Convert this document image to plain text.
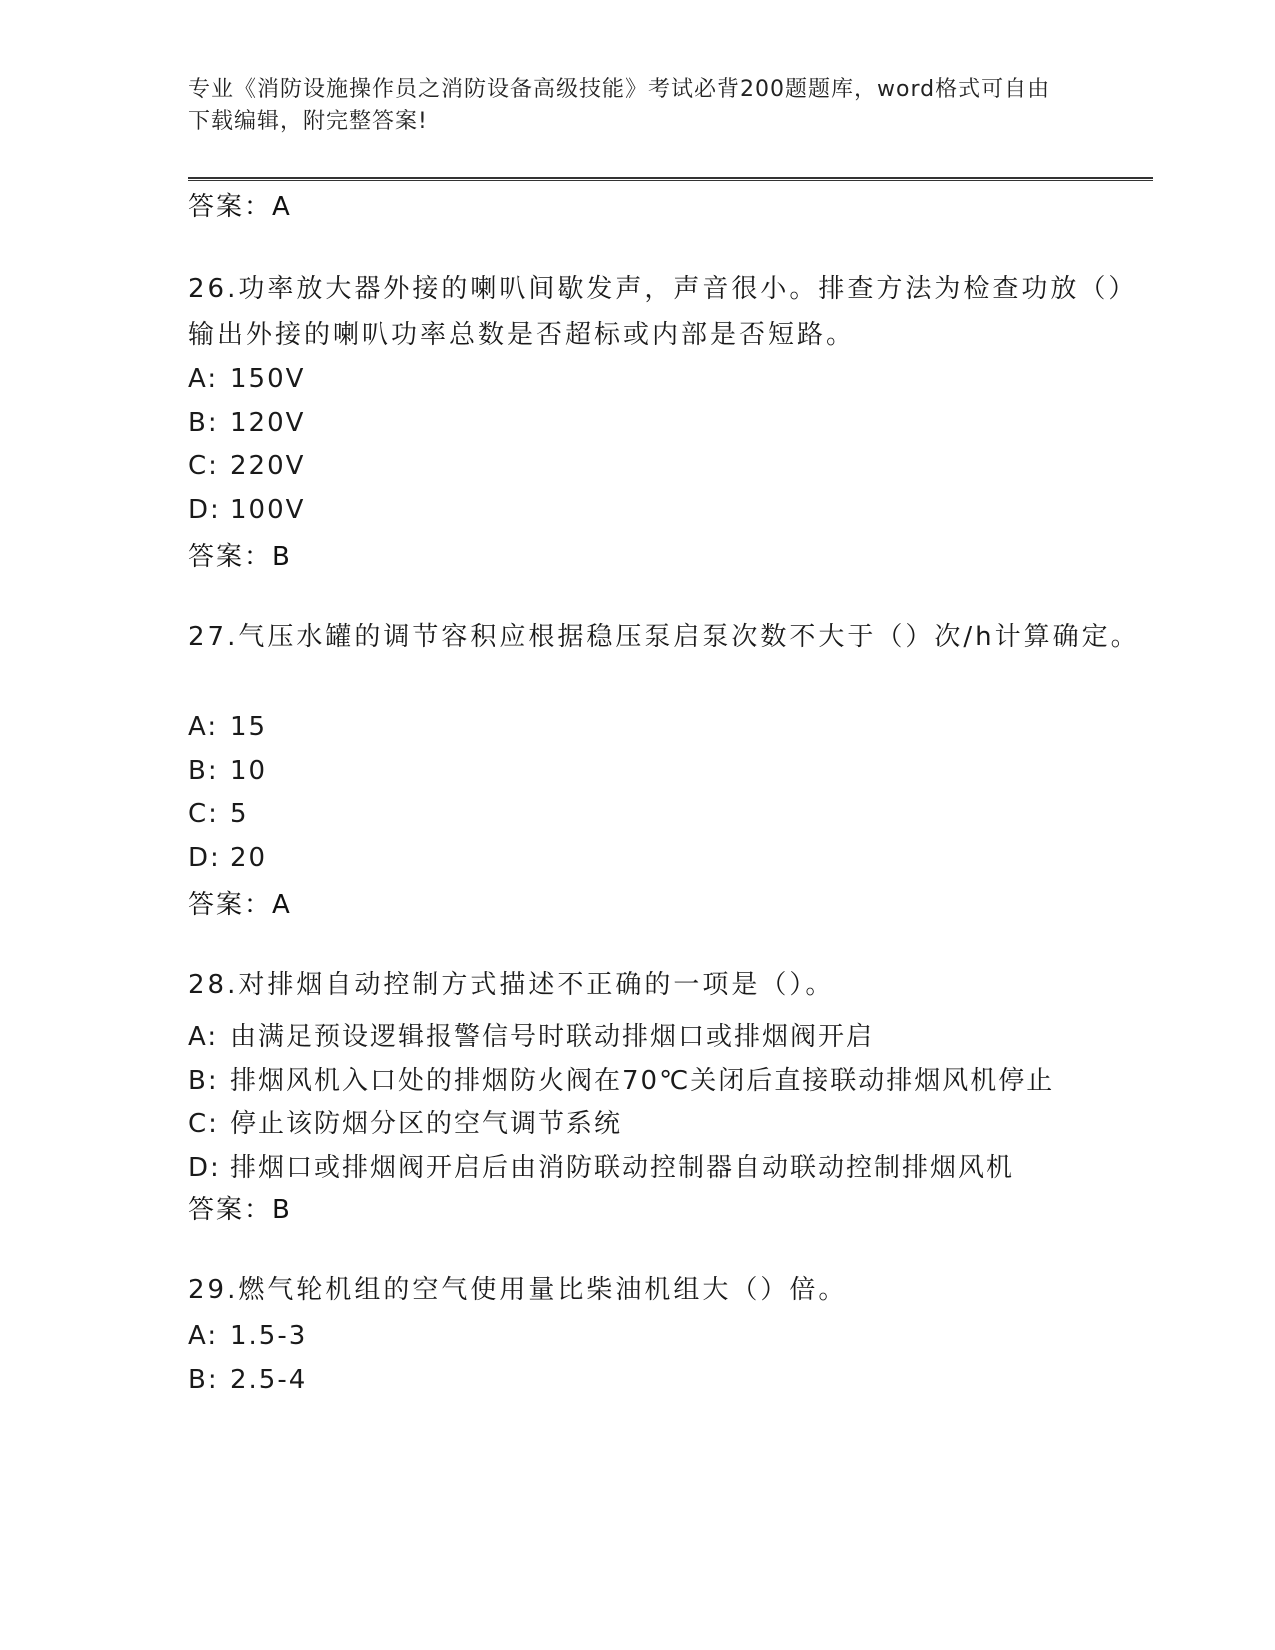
专业《消防设施操作员之消防设备高级技能》考试必背200题题库，word格式可自由下载编辑，附完整答案!
答案：A
26.功率放大器外接的喇叭间歇发声，声音很小。排查方法为检查功放（）输出外接的喇叭功率总数是否超标或内部是否短路。
A: 150V
B: 120V
C: 220V
D: 100V
答案：B
27.气压水罐的调节容积应根据稳压泵启泵次数不大于（）次/h计算确定。
A: 15
B: 10
C: 5
D: 20
答案：A
28.对排烟自动控制方式描述不正确的一项是（）。
A: 由满足预设逻辑报警信号时联动排烟口或排烟阀开启
B: 排烟风机入口处的排烟防火阀在70℃关闭后直接联动排烟风机停止
C: 停止该防烟分区的空气调节系统
D: 排烟口或排烟阀开启后由消防联动控制器自动联动控制排烟风机
答案：B
29.燃气轮机组的空气使用量比柴油机组大（）倍。
A: 1.5-3
B: 2.5-4
